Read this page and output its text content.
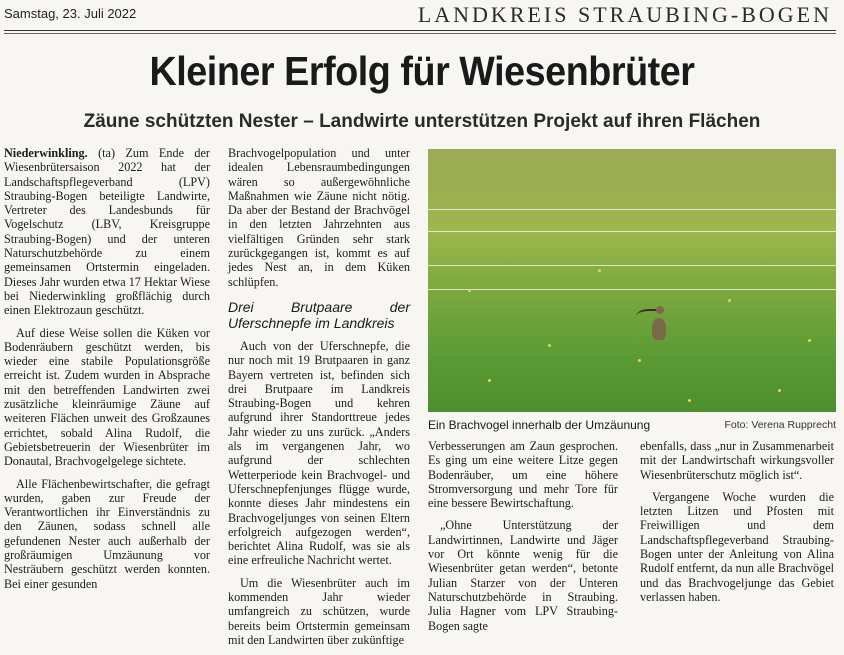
Samstag, 23. Juli 2022	LANDKREIS STRAUBING-BOGEN
Kleiner Erfolg für Wiesenbrüter
Zäune schützten Nester – Landwirte unterstützen Projekt auf ihren Flächen

Niederwinkling. (ta) Zum Ende der Wiesenbrütersaison 2022 hat der Landschaftspflegeverband (LPV) Straubing-Bogen beteiligte Landwirte, Vertreter des Landesbunds für Vogelschutz (LBV, Kreisgruppe Straubing-Bogen) und der unteren Naturschutzbehörde zu einem gemeinsamen Ortstermin eingeladen. Dieses Jahr wurden etwa 17 Hektar Wiese bei Niederwinkling großflächig durch einen Elektrozaun geschützt.

Auf diese Weise sollen die Küken vor Bodenräubern geschützt werden, bis wieder eine stabile Populationsgröße erreicht ist. Zudem wurden in Absprache mit den betreffenden Landwirten zwei zusätzliche kleinräumige Zäune auf weiteren Flächen unweit des Großzaunes errichtet, sobald Alina Rudolf, die Gebietsbetreuerin der Wiesenbrüter im Donautal, Brachvogelgelege sichtete.

Alle Flächenbewirtschafter, die gefragt wurden, gaben zur Freude der Verantwortlichen ihr Einverständnis zu den Zäunen, sodass schnell alle gefundenen Nester auch außerhalb der großräumigen Umzäunung vor Nesträubern geschützt werden konnten. Bei einer gesunden

Brachvogelpopulation und unter idealen Lebensraumbedingungen wären so außergewöhnliche Maßnahmen wie Zäune nicht nötig. Da aber der Bestand der Brachvögel in den letzten Jahrzehnten aus vielfältigen Gründen sehr stark zurückgegangen ist, kommt es auf jedes Nest an, in dem Küken schlüpfen.

Drei Brutpaare der Uferschnepfe im Landkreis

Auch von der Uferschnepfe, die nur noch mit 19 Brutpaaren in ganz Bayern vertreten ist, befinden sich drei Brutpaare im Landkreis Straubing-Bogen und kehren aufgrund ihrer Standorttreue jedes Jahr wieder zu uns zurück. „Anders als im vergangenen Jahr, wo aufgrund der schlechten Wetterperiode kein Brachvogel- und Uferschnepfenjunges flügge wurde, konnte dieses Jahr mindestens ein Brachvogeljunges von seinen Eltern erfolgreich aufgezogen werden“, berichtet Alina Rudolf, was sie als eine erfreuliche Nachricht wertet.

Um die Wiesenbrüter auch im kommenden Jahr wieder umfangreich zu schützen, wurde bereits beim Ortstermin gemeinsam mit den Landwirten über zukünftige

Ein Brachvogel innerhalb der Umzäunung	Foto: Verena Rupprecht

Verbesserungen am Zaun gesprochen. Es ging um eine weitere Litze gegen Bodenräuber, um eine höhere Stromversorgung und mehr Tore für eine bessere Bewirtschaftung.

„Ohne Unterstützung der Landwirtinnen, Landwirte und Jäger vor Ort könnte wenig für die Wiesenbrüter getan werden“, betonte Julian Starzer von der Unteren Naturschutzbehörde in Straubing. Julia Hagner vom LPV Straubing-Bogen sagte

ebenfalls, dass „nur in Zusammenarbeit mit der Landwirtschaft wirkungsvoller Wiesenbrüterschutz möglich ist“.

Vergangene Woche wurden die letzten Litzen und Pfosten mit Freiwilligen und dem Landschaftspflegeverband Straubing-Bogen unter der Anleitung von Alina Rudolf entfernt, da nun alle Brachvögel und das Brachvogeljunge das Gebiet verlassen haben.
